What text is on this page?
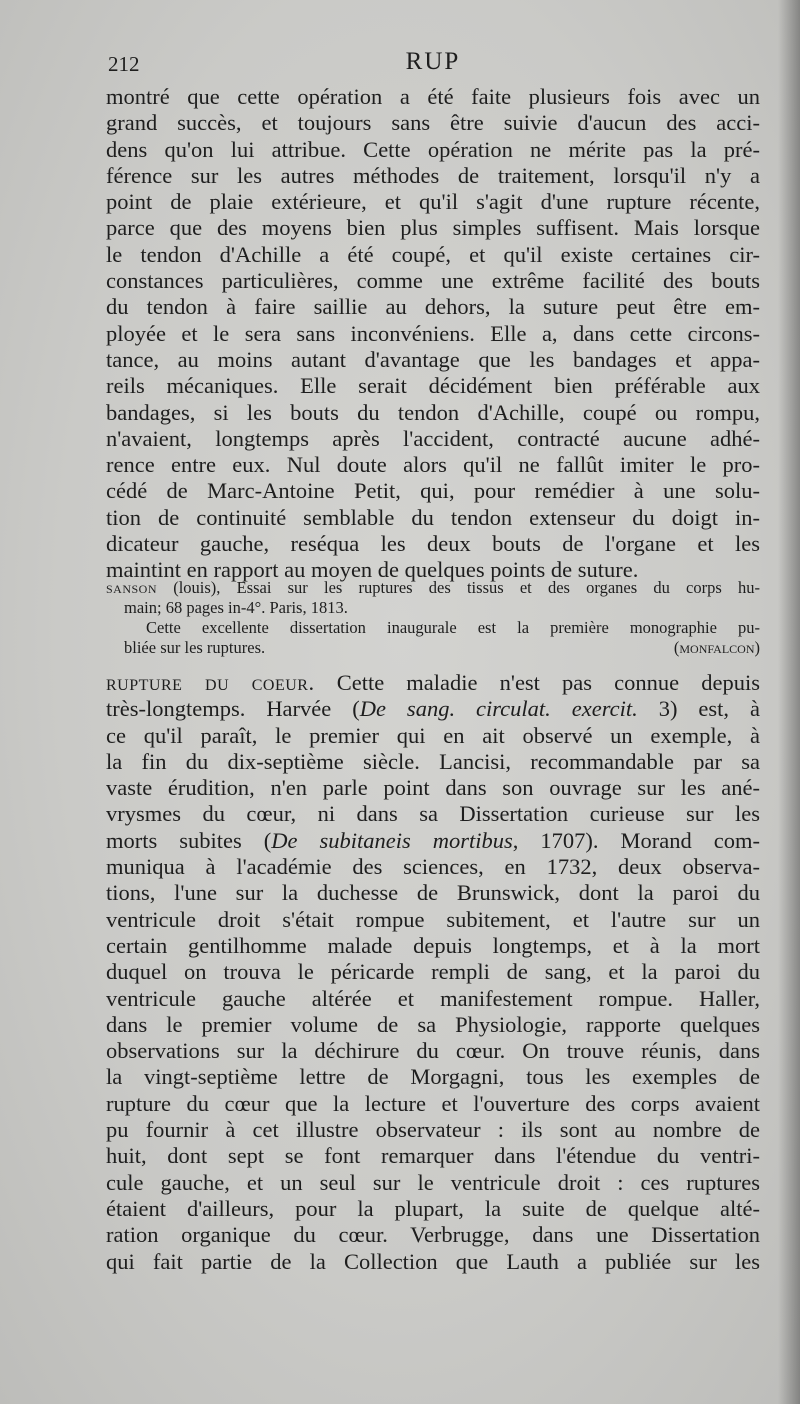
212	RUP
montré que cette opération a été faite plusieurs fois avec un
grand succès, et toujours sans être suivie d'aucun des acci-
dens qu'on lui attribue. Cette opération ne mérite pas la pré-
férence sur les autres méthodes de traitement, lorsqu'il n'y a
point de plaie extérieure, et qu'il s'agit d'une rupture récente,
parce que des moyens bien plus simples suffisent. Mais lorsque
le tendon d'Achille a été coupé, et qu'il existe certaines cir-
constances particulières, comme une extrême facilité des bouts
du tendon à faire saillie au dehors, la suture peut être em-
ployée et le sera sans inconvéniens. Elle a, dans cette circons-
tance, au moins autant d'avantage que les bandages et appa-
reils mécaniques. Elle serait décidément bien préférable aux
bandages, si les bouts du tendon d'Achille, coupé ou rompu,
n'avaient, longtemps après l'accident, contracté aucune adhé-
rence entre eux. Nul doute alors qu'il ne fallût imiter le pro-
cédé de Marc-Antoine Petit, qui, pour remédier à une solu-
tion de continuité semblable du tendon extenseur du doigt in-
dicateur gauche, reséqua les deux bouts de l'organe et les
maintint en rapport au moyen de quelques points de suture.
sanson (louis), Essai sur les ruptures des tissus et des organes du corps hu-
main; 68 pages in-4°. Paris, 1813.
Cette excellente dissertation inaugurale est la première monographie pu-
bliée sur les ruptures.	(monfalcon)
rupture du coeur. Cette maladie n'est pas connue depuis
très-longtemps. Harvée (De sang. circulat. exercit. 3) est, à
ce qu'il paraît, le premier qui en ait observé un exemple, à
la fin du dix-septième siècle. Lancisi, recommandable par sa
vaste érudition, n'en parle point dans son ouvrage sur les ané-
vrysmes du cœur, ni dans sa Dissertation curieuse sur les
morts subites (De subitaneis mortibus, 1707). Morand com-
muniqua à l'académie des sciences, en 1732, deux observa-
tions, l'une sur la duchesse de Brunswick, dont la paroi du
ventricule droit s'était rompue subitement, et l'autre sur un
certain gentilhomme malade depuis longtemps, et à la mort
duquel on trouva le péricarde rempli de sang, et la paroi du
ventricule gauche altérée et manifestement rompue. Haller,
dans le premier volume de sa Physiologie, rapporte quelques
observations sur la déchirure du cœur. On trouve réunis, dans
la vingt-septième lettre de Morgagni, tous les exemples de
rupture du cœur que la lecture et l'ouverture des corps avaient
pu fournir à cet illustre observateur : ils sont au nombre de
huit, dont sept se font remarquer dans l'étendue du ventri-
cule gauche, et un seul sur le ventricule droit : ces ruptures
étaient d'ailleurs, pour la plupart, la suite de quelque alté-
ration organique du cœur. Verbrugge, dans une Dissertation
qui fait partie de la Collection que Lauth a publiée sur les
